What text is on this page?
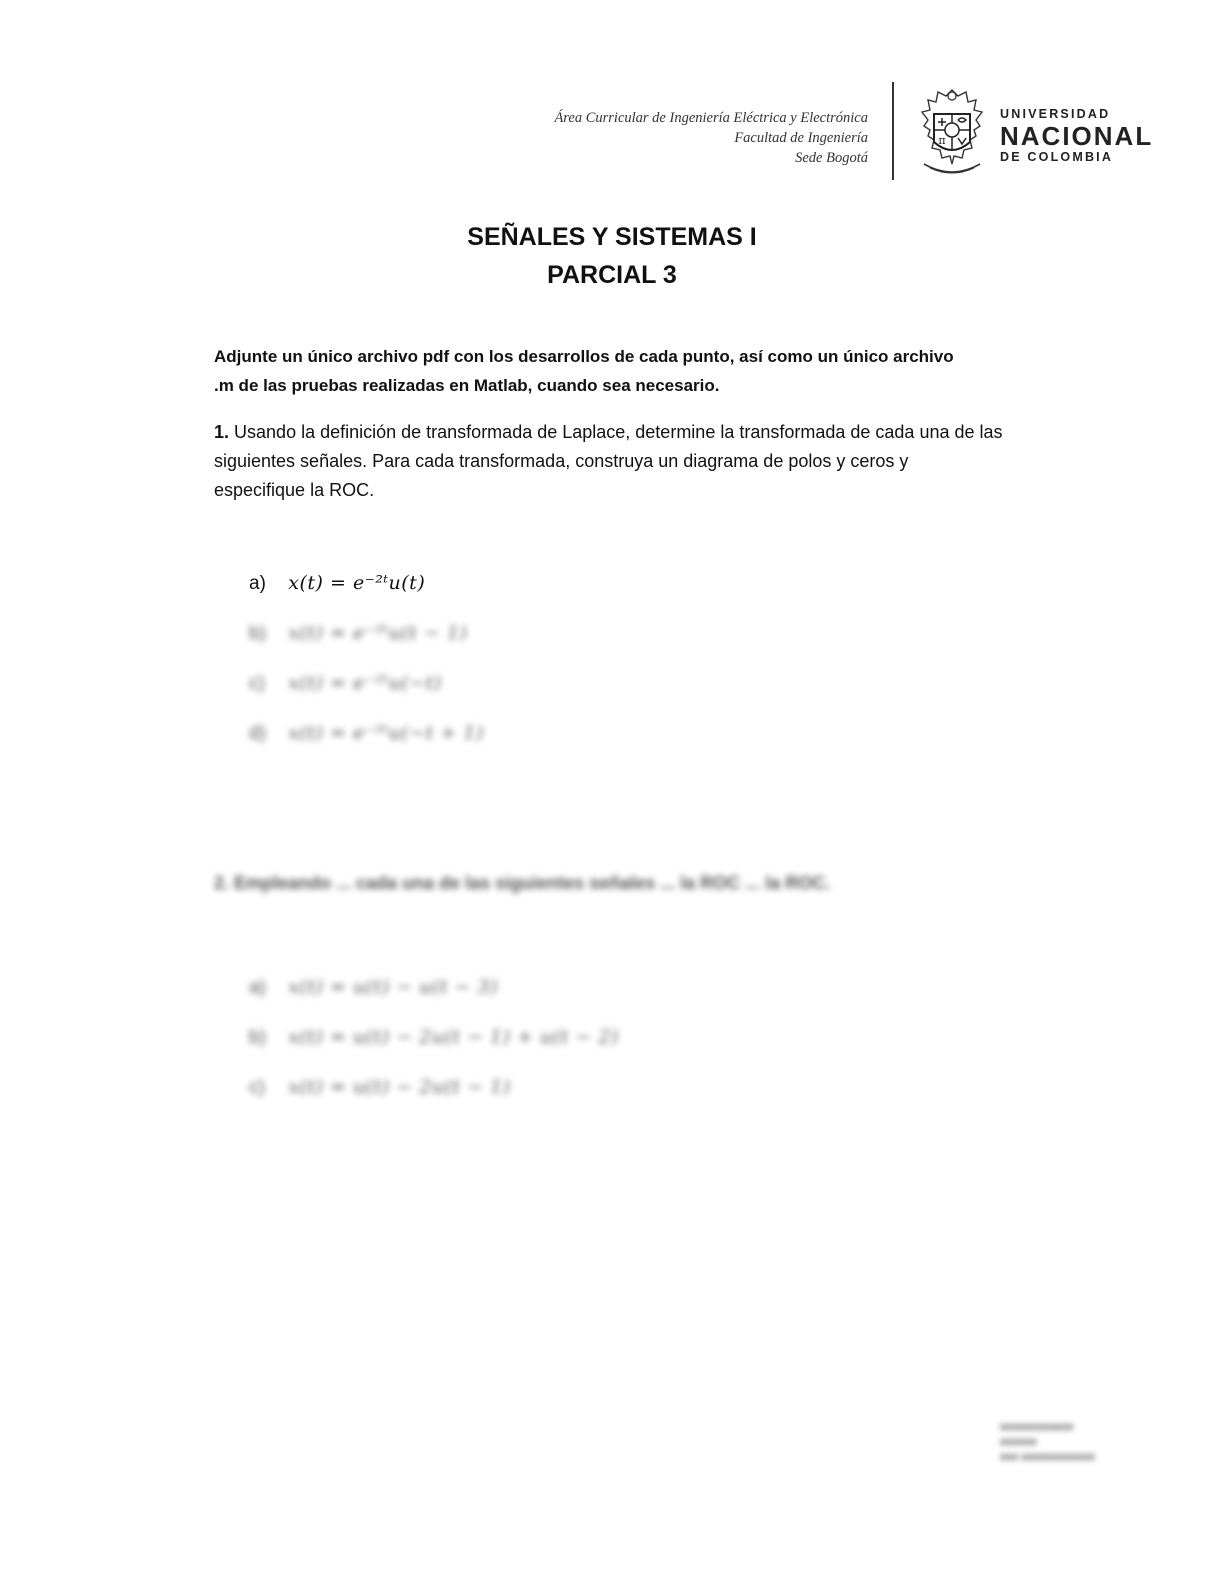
Área Curricular de Ingeniería Eléctrica y Electrónica
Facultad de Ingeniería
Sede Bogotá
π
UNIVERSIDAD
NACIONAL
DE COLOMBIA
SEÑALES Y SISTEMAS I
PARCIAL 3
Adjunte un único archivo pdf con los desarrollos de cada punto, así como un único archivo .m de las pruebas realizadas en Matlab, cuando sea necesario.
1. Usando la definición de transformada de Laplace, determine la transformada de cada una de las siguientes señales. Para cada transformada, construya un diagrama de polos y ceros y especifique la ROC.
a) x(t) = e⁻²ᵗu(t)
b) x(t) = e⁻²ᵗu(t − 1)
c) x(t) = e⁻²ᵗu(−t)
d) x(t) = e⁻²ᵗu(−t + 1)
2. Empleando ... cada una de las siguientes señales ... la ROC ... la ROC.
a) x(t) = u(t) − u(t − 3)
b) x(t) = u(t) − 2u(t − 1) + u(t − 2)
c) x(t) = u(t) − 2u(t − 1)
xxxxxxxxxxxx
xxxxxx
xxx xxxxxxxxxxxx
